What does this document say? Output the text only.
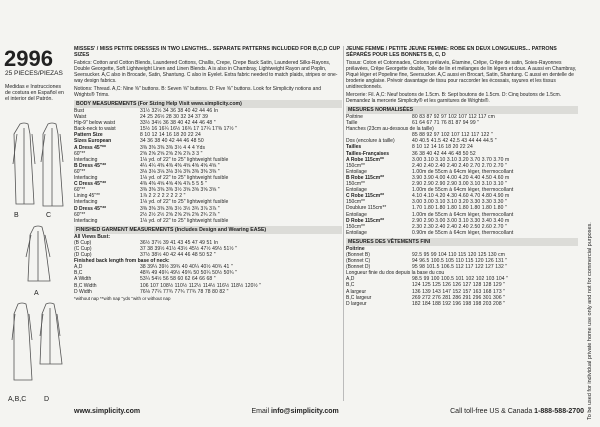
2996
25 PIECES/PIEZAS
Medidas e Instrucciones de costura en Español en el interior del Patrón.
B	C
A
A,B,C	D
MISSES' / MISS PETITE DRESSES IN TWO LENGTHS... SEPARATE PATTERNS INCLUDED FOR B,C,D CUP SIZES
Fabrics: Cotton and Cotton Blends, Laundered Cottons, Challis, Crepe, Crepe Back Satin, Laundered Silks-Rayons, Double Georgette, Soft Lightweight Linen and Linen Blends. A is also in Chambray, Lightweight Rayon and Poplin, Seersucker. A,C also in Brocade, Satin, Shantung. C also in Eyelet. Extra fabric needed to match plaids, stripes or one-way design fabrics.
Notions: Thread. A,C: Nine ⅝" buttons. B: Seven ⅝" buttons. D: Five ⅝" buttons. Look for Simplicity notions and Wrights® Trims.
BODY MEASUREMENTS (For Sizing Help Visit www.simplicity.com)
Bust	31½ 32½ 34 36 38 40 42 44 46 In
Waist	24 25 26½ 28 30 32 34 37 39
Hip-9" below waist	33½ 34½ 36 38 40 42 44 46 48 "
Back-neck to waist	15½ 16 16¼ 16½ 16¾ 17 17¼ 17⅜ 17½ "
Pattern Size	8 10 12 14 16 18 20 22 24
Sizes European	34 36 38 40 42 44 46 48 50
A Dress 45"**	3⅜ 3⅜ 3⅜ 3⅜ 3½ 4 4 4 Yds
60"**	2⅝ 2⅝ 2⅝ 2⅝ 2⅝ 2⅞ 3 3 "
Interfacing	1⅛ yd. of 22" to 25" lightweight fusible
B Dress 45"**	4¼ 4¼ 4⅜ 4⅜ 4⅜ 4⅝ 4⅝ 4⅝ 4⅝ "
60"**	3⅛ 3⅛ 3⅛ 3⅛ 3⅛ 3⅜ 3⅜ 3⅜ 3⅜ "
Interfacing	1⅛ yd. of 22" to 25" lightweight fusible
C Dress 45"**	4⅜ 4⅜ 4⅝ 4⅝ 4⅝ 4⅞ 5 5 5 "
60"**	3⅜ 3⅜ 3⅜ 3⅜ 3½ 3⅝ 3⅝ 3⅝ 3⅝ "
Lining 45"**	1⅞ 2 2 2 2 2 2 2 2 "
Interfacing	1⅛ yd. of 22" to 25" lightweight fusible
D Dress 45"**	3⅜ 3⅜ 3⅜ 3⅜ 3½ 3½ 3¾ 3⅞ 3⅞ "
60"**	2½ 2½ 2½ 2⅝ 2⅝ 2⅝ 2⅝ 2¾ 2⅞ "
Interfacing	1⅛ yd. of 22" to 25" lightweight fusible
FINISHED GARMENT MEASUREMENTS (Includes Design and Wearing EASE)
All Views Bust:
(B Cup)	36½ 37½ 39 41 43 45 47 49 51 In
(C Cup)	37 38 39½ 41½ 43½ 45½ 47½ 49½ 51½ "
(D Cup)	37½ 38½ 40 42 44 46 48 50 52 "
Finished back length from base of neck:
A,D	38 39¼ 39½ 39¾ 40 40¼ 40½ 40¾ 41 "
B,C	48¾ 49 49¼ 49½ 49¾ 50 50¼ 50½ 50¾ "
A Width	53¼ 54½ 56 58 60 62 64 66 68 "
B,C Width	106 107 108½ 110½ 112½ 114½ 116½ 118½ 120½ "
D Width	76⅛ 77¼ 77¾ 77¾ 77¾ 78 78 80 82 "
*without nap **with nap "yds "with or without nap
JEUNE FEMME / PETITE JEUNE FEMME: ROBE EN DEUX LONGUEURS... PATRONS SÉPARÉS POUR LES BONNETS B, C, D
Tissus: Coton et Cotonnades, Cotons prélavés, Étamine, Crêpe, Crêpe de satin, Soies-Rayonnes prélavées, Crêpe Georgette double, Toile de lin et mélanges de lin légers et doux. A aussi en Chambray, Piqué léger et Popeline fine, Seersucker. A,C aussi en Brocart, Satin, Shantung. C aussi en dentelle de broderie anglaise. Prévoir davantage de tissu pour raccorder les écossais, rayures et les tissus unidirectionnels.
Mercerie: Fil. A,C: Neuf boutons de 1.5cm. B: Sept boutons de 1.5cm. D: Cinq boutons de 1.5cm. Demandez la mercerie Simplicity® et les garnitures de Wrights®.
MESURES NORMALISÉES
Poitrine	80 83 87 92 97 102 107 112 117 cm
Taille	61 64 67 71 76 81 87 94 99 "
Hanches (23cm au-dessous de la taille)
85 88 92 97 102 107 112 117 122 "
Dos (encolure à taille)	40 40.5 41.5 42 42.5 43 44 44 44.5 "
Tailles	8 10 12 14 16 18 20 22 24
Tailles-Françaises	36 38 40 42 44 46 48 50 52
A Robe 115cm**	3.00 3.10 3.10 3.10 3.20 3.70 3.70 3.70 m
150cm**	2.40 2.40 2.40 2.40 2.40 2.70 2.70 2.70 "
Entoilage	1.00m de 55cm à 64cm léger, thermocollant
B Robe 115cm**	3.90 3.90 4.00 4.00 4.20 4.40 4.50 4.60 m
150cm**	2.90 2.90 2.90 2.90 3.00 3.10 3.10 3.10 "
Entoilage	1.00m de 55cm à 64cm léger, thermocollant
C Robe 115cm**	4.10 4.10 4.20 4.30 4.60 4.70 4.80 4.90 m
150cm**	3.00 3.00 3.10 3.10 3.20 3.30 3.30 3.30 "
Doublure 115cm**	1.70 1.80 1.80 1.80 1.80 1.80 1.80 1.80 "
Entoilage	1.00m de 55cm à 64cm léger, thermocollant
D Robe 115cm**	2.90 2.90 3.00 3.00 3.10 3.30 3.40 3.40 m
150cm**	2.30 2.30 2.40 2.40 2.40 2.50 2.60 2.70 "
Entoilage	0.90m de 55cm à 64cm léger, thermocollant
MESURES DES VÊTEMENTS FINI
Poitrine
(Bonnet B)	92.5 95 99 104 110 115 120 125 130 cm
(Bonnet C)	94 96.5 100.5 105 110 115 120 126 131 "
(Bonnet D)	95 98 101.5 106.5 112 117 122 127 132 "
Longueur finie du dos depuis la base du cou
A,D	98.5 99 100 100.5 101 102 102 103 104 "
B,C	124 125 125 126 126 127 128 128 129 "
A largeur	136 139 143 147 152 157 163 168 173 "
B,C largeur	269 272 276 281 286 291 296 301 306 "
D largeur	182 184 188 192 196 198 198 203 208 "
www.simplicity.com	Email info@simplicity.com	Call toll-free US & Canada 1-888-588-2700 To be used for individual private home use only and not for commercial purposes.
